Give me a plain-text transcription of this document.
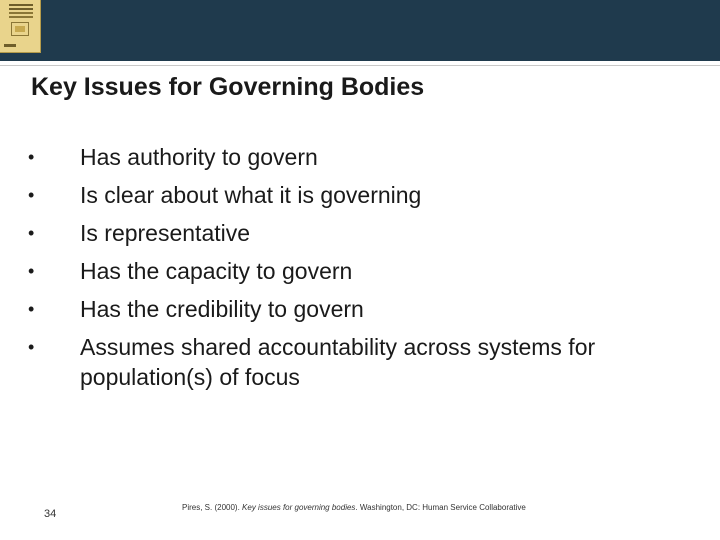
Key Issues for Governing Bodies
•	Has authority to govern
•	Is clear about what it is governing
•	Is representative
•	Has the capacity to govern
•	Has the credibility to govern
•	Assumes shared accountability across systems for population(s) of focus
34
Pires, S. (2000). Key issues for governing bodies. Washington, DC: Human Service Collaborative
